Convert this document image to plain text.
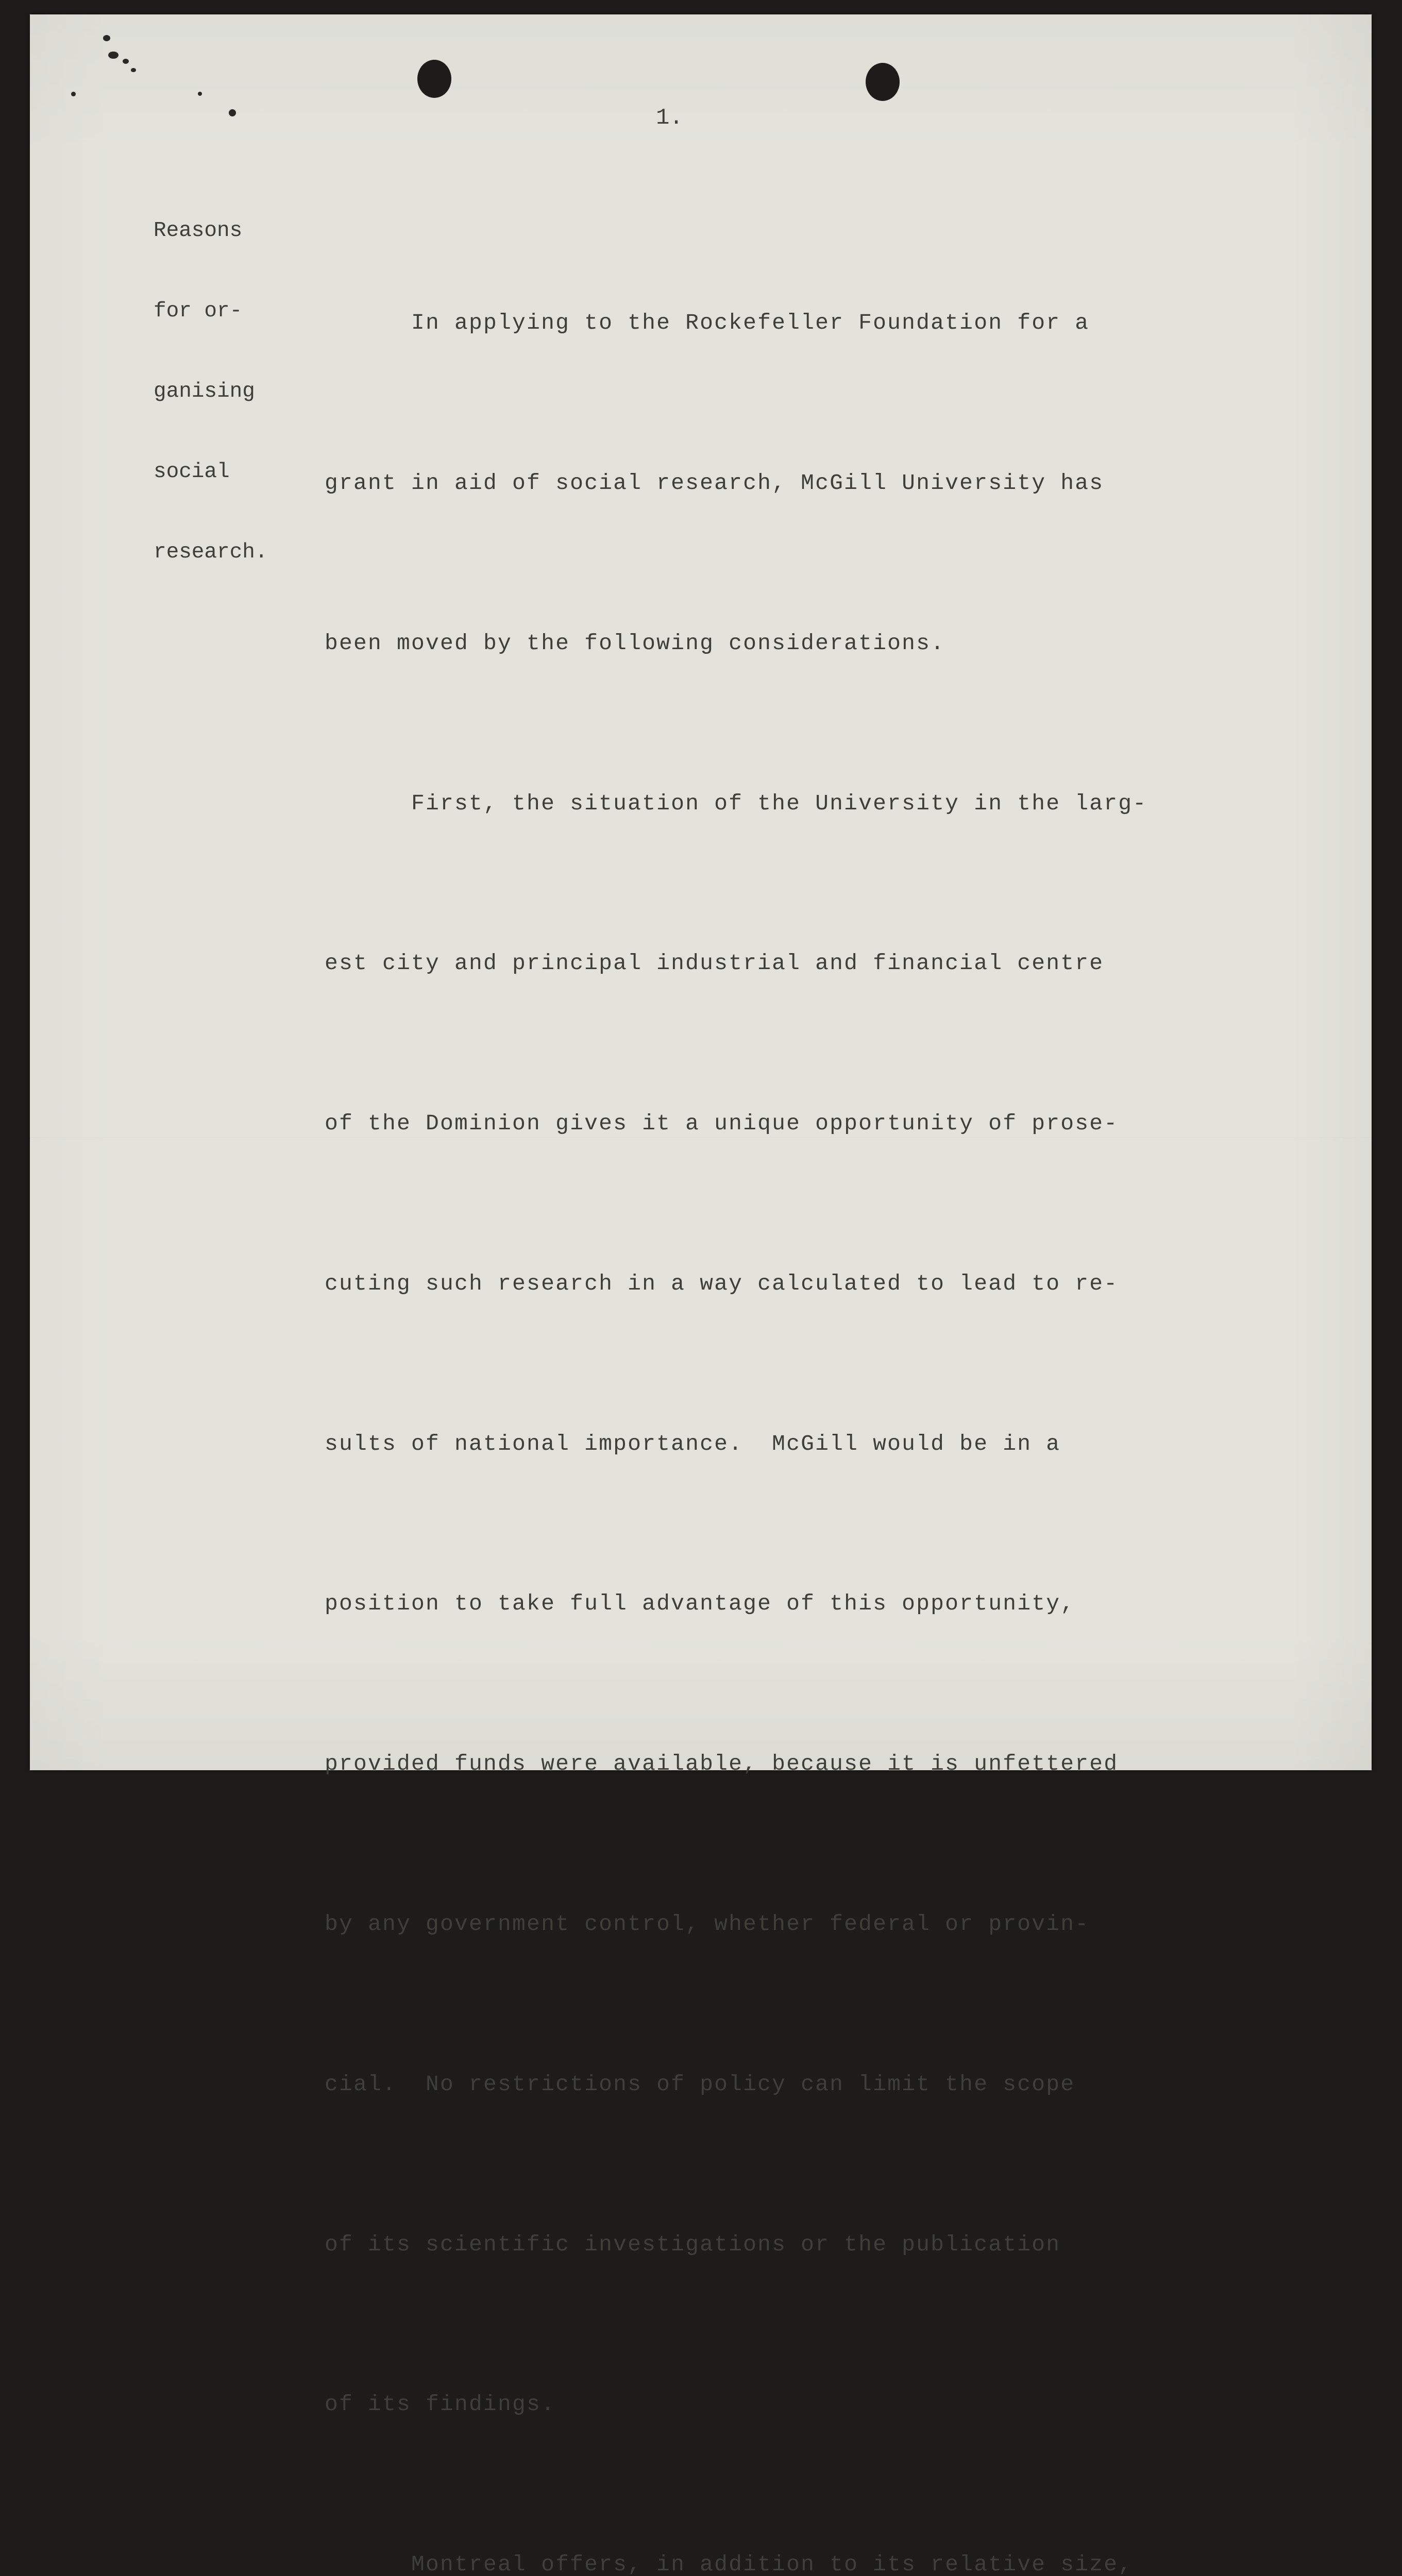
1.

Reasons

for or-

ganising

social

research.

In applying to the Rockefeller Foundation for a

grant in aid of social research, McGill University has

been moved by the following considerations.

First, the situation of the University in the larg-

est city and principal industrial and financial centre

of the Dominion gives it a unique opportunity of prose-

cuting such research in a way calculated to lead to re-

sults of national importance.  McGill would be in a

position to take full advantage of this opportunity,

provided funds were available, because it is unfettered

by any government control, whether federal or provin-

cial.  No restrictions of policy can limit the scope

of its scientific investigations or the publication

of its findings.

Montreal offers, in addition to its relative size,
